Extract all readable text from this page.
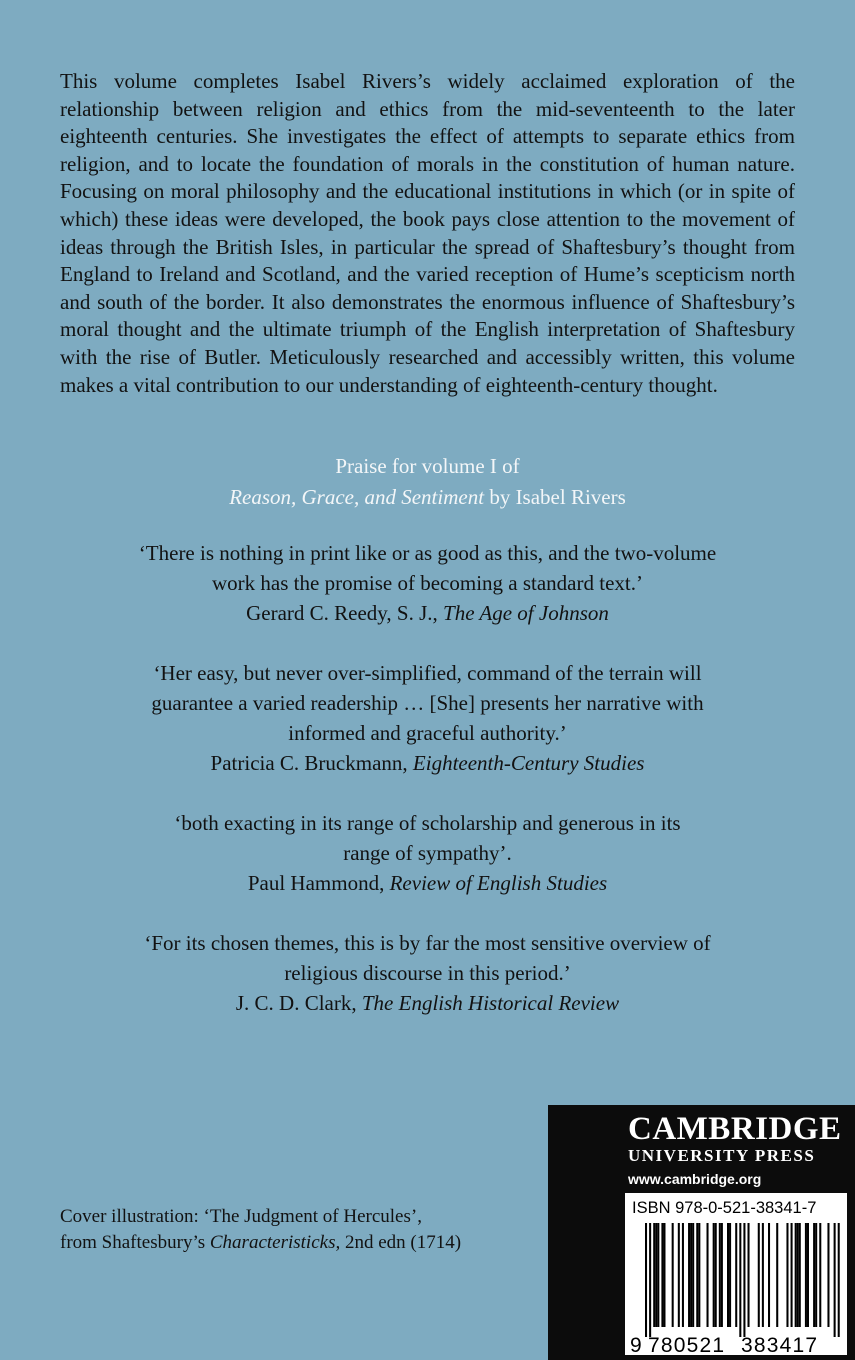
This volume completes Isabel Rivers’s widely acclaimed exploration of the relationship between religion and ethics from the mid-seventeenth to the later eighteenth centuries. She investigates the effect of attempts to separate ethics from religion, and to locate the foundation of morals in the constitution of human nature. Focusing on moral philosophy and the educational institutions in which (or in spite of which) these ideas were developed, the book pays close attention to the movement of ideas through the British Isles, in particular the spread of Shaftesbury’s thought from England to Ireland and Scotland, and the varied reception of Hume’s scepticism north and south of the border. It also demonstrates the enormous influence of Shaftesbury’s moral thought and the ultimate triumph of the English interpretation of Shaftesbury with the rise of Butler. Meticulously researched and accessibly written, this volume makes a vital contribution to our understanding of eighteenth-century thought.

Praise for volume I of
Reason, Grace, and Sentiment by Isabel Rivers
‘There is nothing in print like or as good as this, and the two-volume
work has the promise of becoming a standard text.’
Gerard C. Reedy, S. J., The Age of Johnson
‘Her easy, but never over-simplified, command of the terrain will
guarantee a varied readership … [She] presents her narrative with
informed and graceful authority.’
Patricia C. Bruckmann, Eighteenth-Century Studies
‘both exacting in its range of scholarship and generous in its
range of sympathy’.
Paul Hammond, Review of English Studies
‘For its chosen themes, this is by far the most sensitive overview of
religious discourse in this period.’
J. C. D. Clark, The English Historical Review
Cover illustration: ‘The Judgment of Hercules’,
from Shaftesbury’s Characteristicks, 2nd edn (1714)
CAMBRIDGE
UNIVERSITY PRESS
www.cambridge.org
ISBN 978-0-521-38341-7
9 780521 383417
